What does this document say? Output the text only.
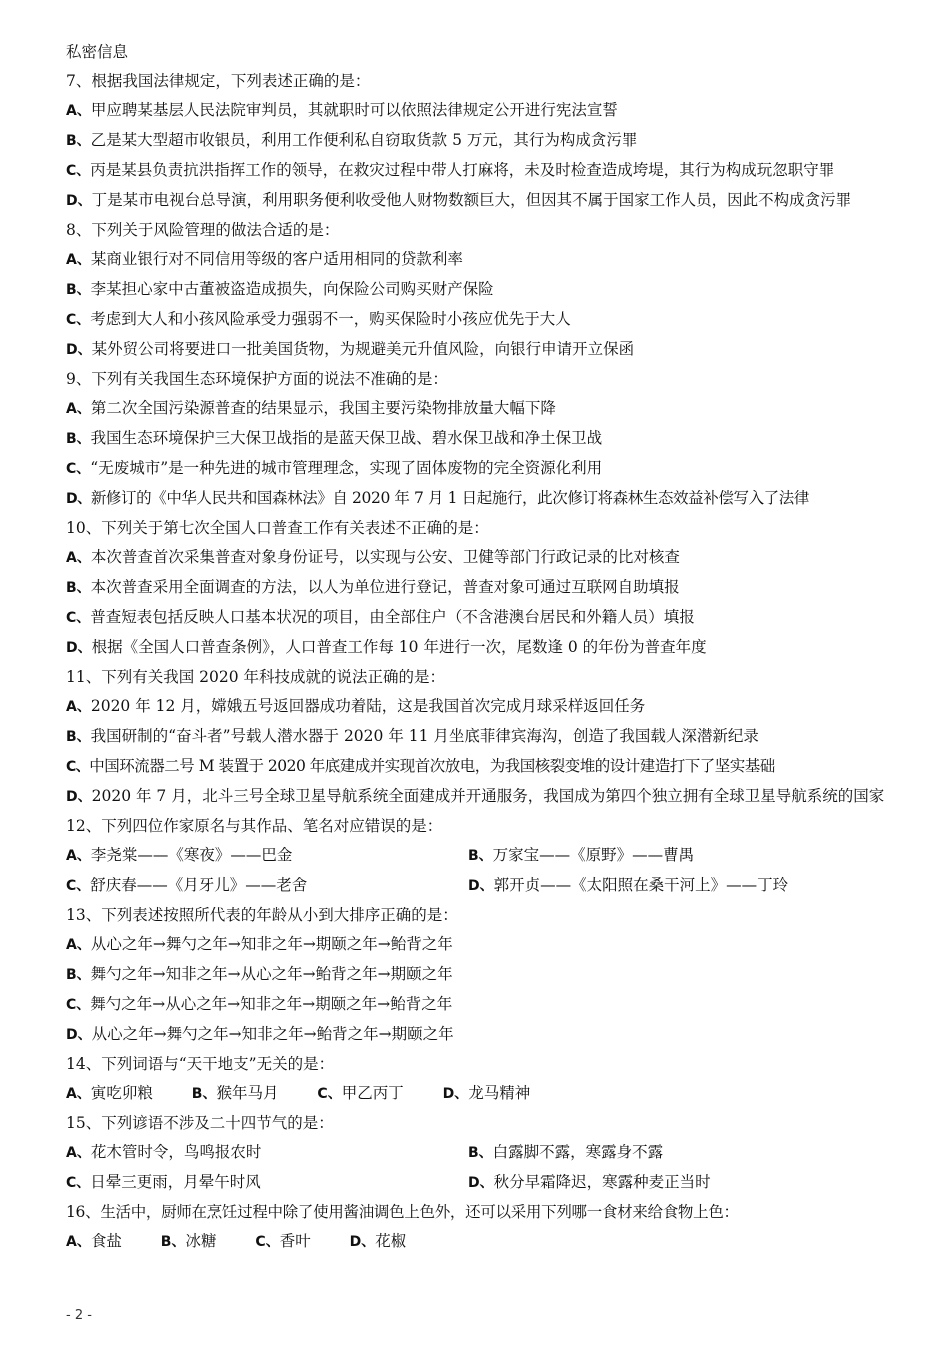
私密信息
7、根据我国法律规定，下列表述正确的是：
A、甲应聘某基层人民法院审判员，其就职时可以依照法律规定公开进行宪法宣誓
B、乙是某大型超市收银员，利用工作便利私自窃取货款 5 万元，其行为构成贪污罪
C、丙是某县负责抗洪指挥工作的领导，在救灾过程中带人打麻将，未及时检查造成垮堤，其行为构成玩忽职守罪
D、丁是某市电视台总导演，利用职务便利收受他人财物数额巨大，但因其不属于国家工作人员，因此不构成贪污罪
8、下列关于风险管理的做法合适的是：
A、某商业银行对不同信用等级的客户适用相同的贷款利率
B、李某担心家中古董被盗造成损失，向保险公司购买财产保险
C、考虑到大人和小孩风险承受力强弱不一，购买保险时小孩应优先于大人
D、某外贸公司将要进口一批美国货物，为规避美元升值风险，向银行申请开立保函
9、下列有关我国生态环境保护方面的说法不准确的是：
A、第二次全国污染源普查的结果显示，我国主要污染物排放量大幅下降
B、我国生态环境保护三大保卫战指的是蓝天保卫战、碧水保卫战和净土保卫战
C、“无废城市”是一种先进的城市管理理念，实现了固体废物的完全资源化利用
D、新修订的《中华人民共和国森林法》自 2020 年 7 月 1 日起施行，此次修订将森林生态效益补偿写入了法律
10、下列关于第七次全国人口普查工作有关表述不正确的是：
A、本次普查首次采集普查对象身份证号，以实现与公安、卫健等部门行政记录的比对核查
B、本次普查采用全面调查的方法，以人为单位进行登记，普查对象可通过互联网自助填报
C、普查短表包括反映人口基本状况的项目，由全部住户（不含港澳台居民和外籍人员）填报
D、根据《全国人口普查条例》，人口普查工作每 10 年进行一次，尾数逢 0 的年份为普查年度
11、下列有关我国 2020 年科技成就的说法正确的是：
A、2020 年 12 月，嫦娥五号返回器成功着陆，这是我国首次完成月球采样返回任务
B、我国研制的“奋斗者”号载人潜水器于 2020 年 11 月坐底菲律宾海沟，创造了我国载人深潜新纪录
C、中国环流器二号 M 装置于 2020 年底建成并实现首次放电，为我国核裂变堆的设计建造打下了坚实基础
D、2020 年 7 月，北斗三号全球卫星导航系统全面建成并开通服务，我国成为第四个独立拥有全球卫星导航系统的国家
12、下列四位作家原名与其作品、笔名对应错误的是：
A、李尧棠——《寒夜》——巴金	B、万家宝——《原野》——曹禺
C、舒庆春——《月牙儿》——老舍	D、郭开贞——《太阳照在桑干河上》——丁玲
13、下列表述按照所代表的年龄从小到大排序正确的是：
A、从心之年→舞勺之年→知非之年→期颐之年→鲐背之年
B、舞勺之年→知非之年→从心之年→鲐背之年→期颐之年
C、舞勺之年→从心之年→知非之年→期颐之年→鲐背之年
D、从心之年→舞勺之年→知非之年→鲐背之年→期颐之年
14、下列词语与“天干地支”无关的是：
A、寅吃卯粮	B、猴年马月	C、甲乙丙丁	D、龙马精神
15、下列谚语不涉及二十四节气的是：
A、花木管时令，鸟鸣报农时	B、白露脚不露，寒露身不露
C、日晕三更雨，月晕午时风	D、秋分早霜降迟，寒露种麦正当时
16、生活中，厨师在烹饪过程中除了使用酱油调色上色外，还可以采用下列哪一食材来给食物上色：
A、食盐	B、冰糖	C、香叶	D、花椒
- 2 -
